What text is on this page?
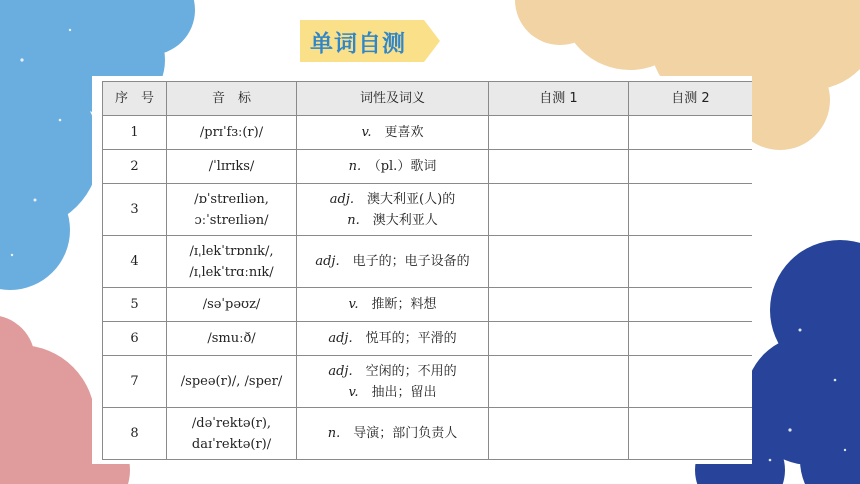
单词自测
序　号	音　标	词性及词义	自测 1	自测 2
1	/prɪˈfɜː(r)/	v.　 更喜欢		

2	/ˈlɪrɪks/	n.　 （pl.）歌词		

3	/ɒˈstreɪliən,
ɔːˈstreɪliən/	adj.　 澳大利亚(人)的
n.　 澳大利亚人		

4	/ɪˌlekˈtrɒnɪk/,
/ɪˌlekˈtrɑːnɪk/	adj.　 电子的；电子设备的		

5	/səˈpəʊz/	v.　 推断；料想		

6	/smuːð/	adj.　 悦耳的；平滑的		

7	/speə(r)/, /sper/	adj.　 空闲的；不用的
v.　 抽出；留出		

8	/dəˈrektə(r),
daɪˈrektə(r)/	n.　 导演；部门负责人		
